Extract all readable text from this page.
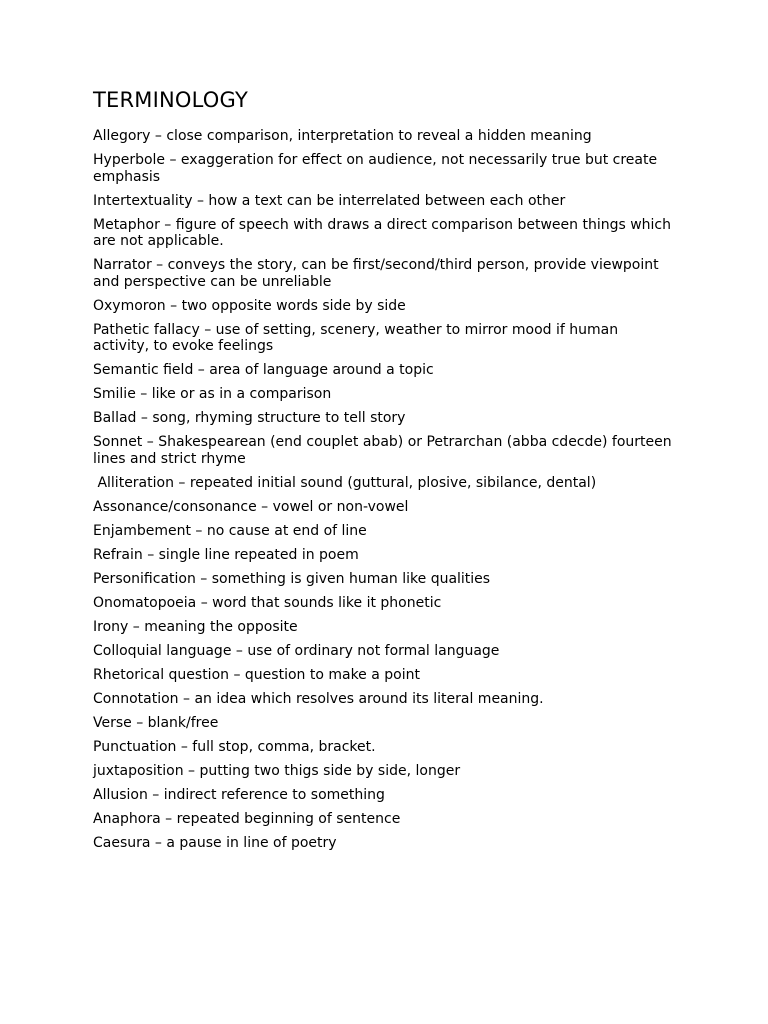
TERMINOLOGY
Allegory – close comparison, interpretation to reveal a hidden meaning
Hyperbole – exaggeration for effect on audience, not necessarily true but create emphasis
Intertextuality – how a text can be interrelated between each other
Metaphor – figure of speech with draws a direct comparison between things which are not applicable.
Narrator – conveys the story, can be first/second/third person, provide viewpoint and perspective can be unreliable
Oxymoron – two opposite words side by side
Pathetic fallacy – use of setting, scenery, weather to mirror mood if human activity, to evoke feelings
Semantic field – area of language around a topic
Smilie – like or as in a comparison
Ballad – song, rhyming structure to tell story
Sonnet – Shakespearean (end couplet abab) or Petrarchan (abba cdecde) fourteen lines and strict rhyme
Alliteration – repeated initial sound (guttural, plosive, sibilance, dental)
Assonance/consonance – vowel or non-vowel
Enjambement – no cause at end of line
Refrain – single line repeated in poem
Personification – something is given human like qualities
Onomatopoeia – word that sounds like it phonetic
Irony – meaning the opposite
Colloquial language – use of ordinary not formal language
Rhetorical question – question to make a point
Connotation – an idea which resolves around its literal meaning.
Verse – blank/free
Punctuation – full stop, comma, bracket.
juxtaposition – putting two thigs side by side, longer
Allusion – indirect reference to something
Anaphora – repeated beginning of sentence
Caesura – a pause in line of poetry
